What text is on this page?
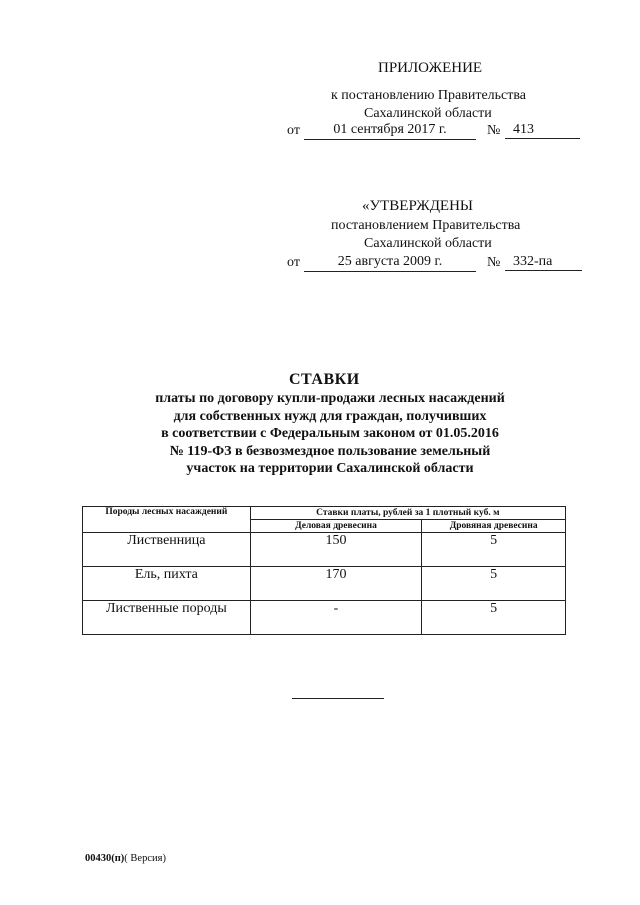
ПРИЛОЖЕНИЕ
к постановлению Правительства
Сахалинской области
от	01 сентября 2017 г.	№ 413
«УТВЕРЖДЕНЫ
постановлением Правительства
Сахалинской области
от	25 августа 2009 г.	№ 332-па
СТАВКИ
платы по договору купли-продажи лесных насаждений
для собственных нужд для граждан, получивших
в соответствии с Федеральным законом от 01.05.2016
№ 119-ФЗ в безвозмездное пользование земельный
участок на территории Сахалинской области
Породы лесных насаждений	Ставки платы, рублей за 1 плотный куб. м	
	Деловая древесина	Дровяная древесина
Лиственница	150	5
Ель, пихта	170	5
Лиственные породы	-	5
00430(п)( Версия)
